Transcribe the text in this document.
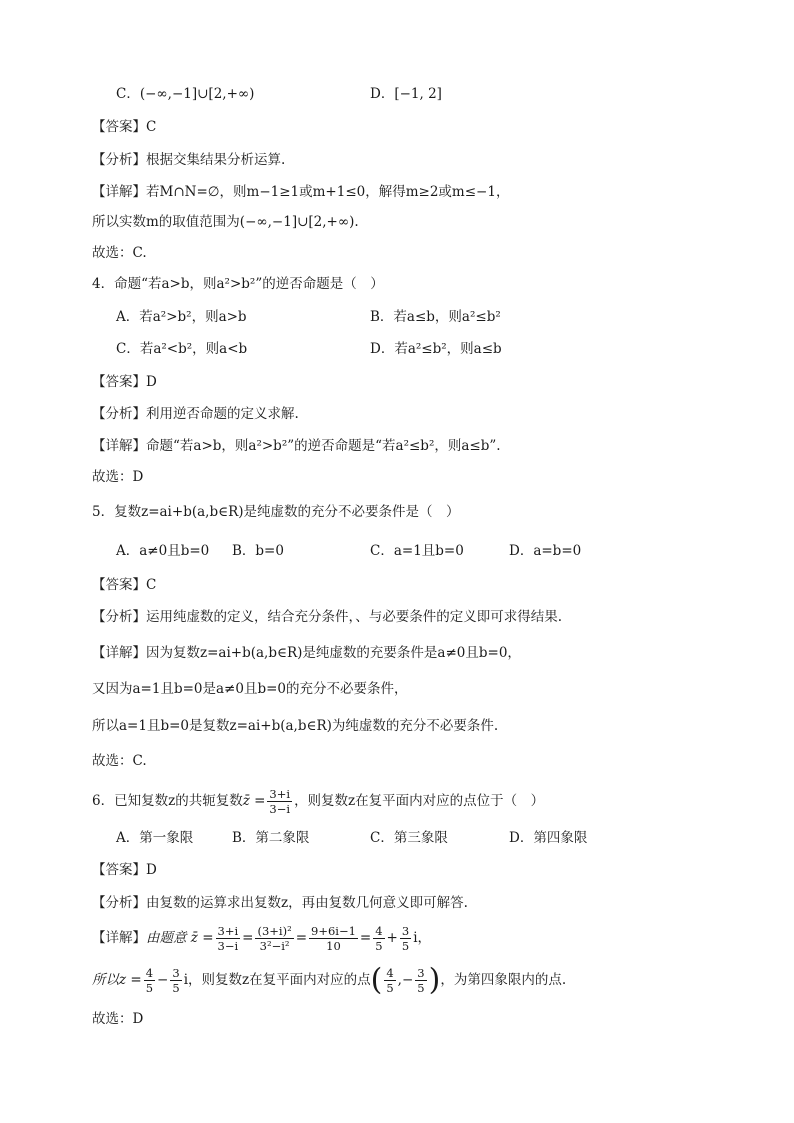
C．(−∞,−1]∪[2,+∞)	D．[−1, 2]
【答案】C
【分析】根据交集结果分析运算.
【详解】若M∩N=∅，则m−1≥1或m+1≤0，解得m≥2或m≤−1，
所以实数m的取值范围为(−∞,−1]∪[2,+∞).
故选：C.
4．命题“若a>b，则a²>b²”的逆否命题是（　）
A．若a²>b²，则a>b	B．若a≤b，则a²≤b²
C．若a²<b²，则a<b	D．若a²≤b²，则a≤b
【答案】D
【分析】利用逆否命题的定义求解.
【详解】命题“若a>b，则a²>b²”的逆否命题是“若a²≤b²，则a≤b”.
故选：D
5．复数z=ai+b(a,b∈R)是纯虚数的充分不必要条件是（　）
A．a≠0且b=0 B．b=0	C．a=1且b=0	D．a=b=0
【答案】C
【分析】运用纯虚数的定义，结合充分条件，、与必要条件的定义即可求得结果.
【详解】因为复数z=ai+b(a,b∈R)是纯虚数的充要条件是a≠0且b=0，
又因为a=1且b=0是a≠0且b=0的充分不必要条件，
所以a=1且b=0是复数z=ai+b(a,b∈R)为纯虚数的充分不必要条件.
故选：C.
6．已知复数z的共轭复数z̄ = $\frac{3+i}{3-i}$ ，则复数z在复平面内对应的点位于（　）
A．第一象限	B．第二象限	C．第三象限	D．第四象限
【答案】D
【分析】由复数的运算求出复数z，再由复数几何意义即可解答.
【详解】由题意 z̄ = $\frac{3+i}{3-i} = \frac{\text{(3+i)²}}{\text{3²−i²}} = \frac{9+6i-1}{10} = \frac{4}{5} + \frac{3}{5}$ i，
所以$z = \frac{4}{5} - \frac{3}{5}$ i，则复数z在复平面内对应的点( $\frac{4}{5}$ ,− $\frac{3}{5}$ )，为第四象限内的点.
故选：D
